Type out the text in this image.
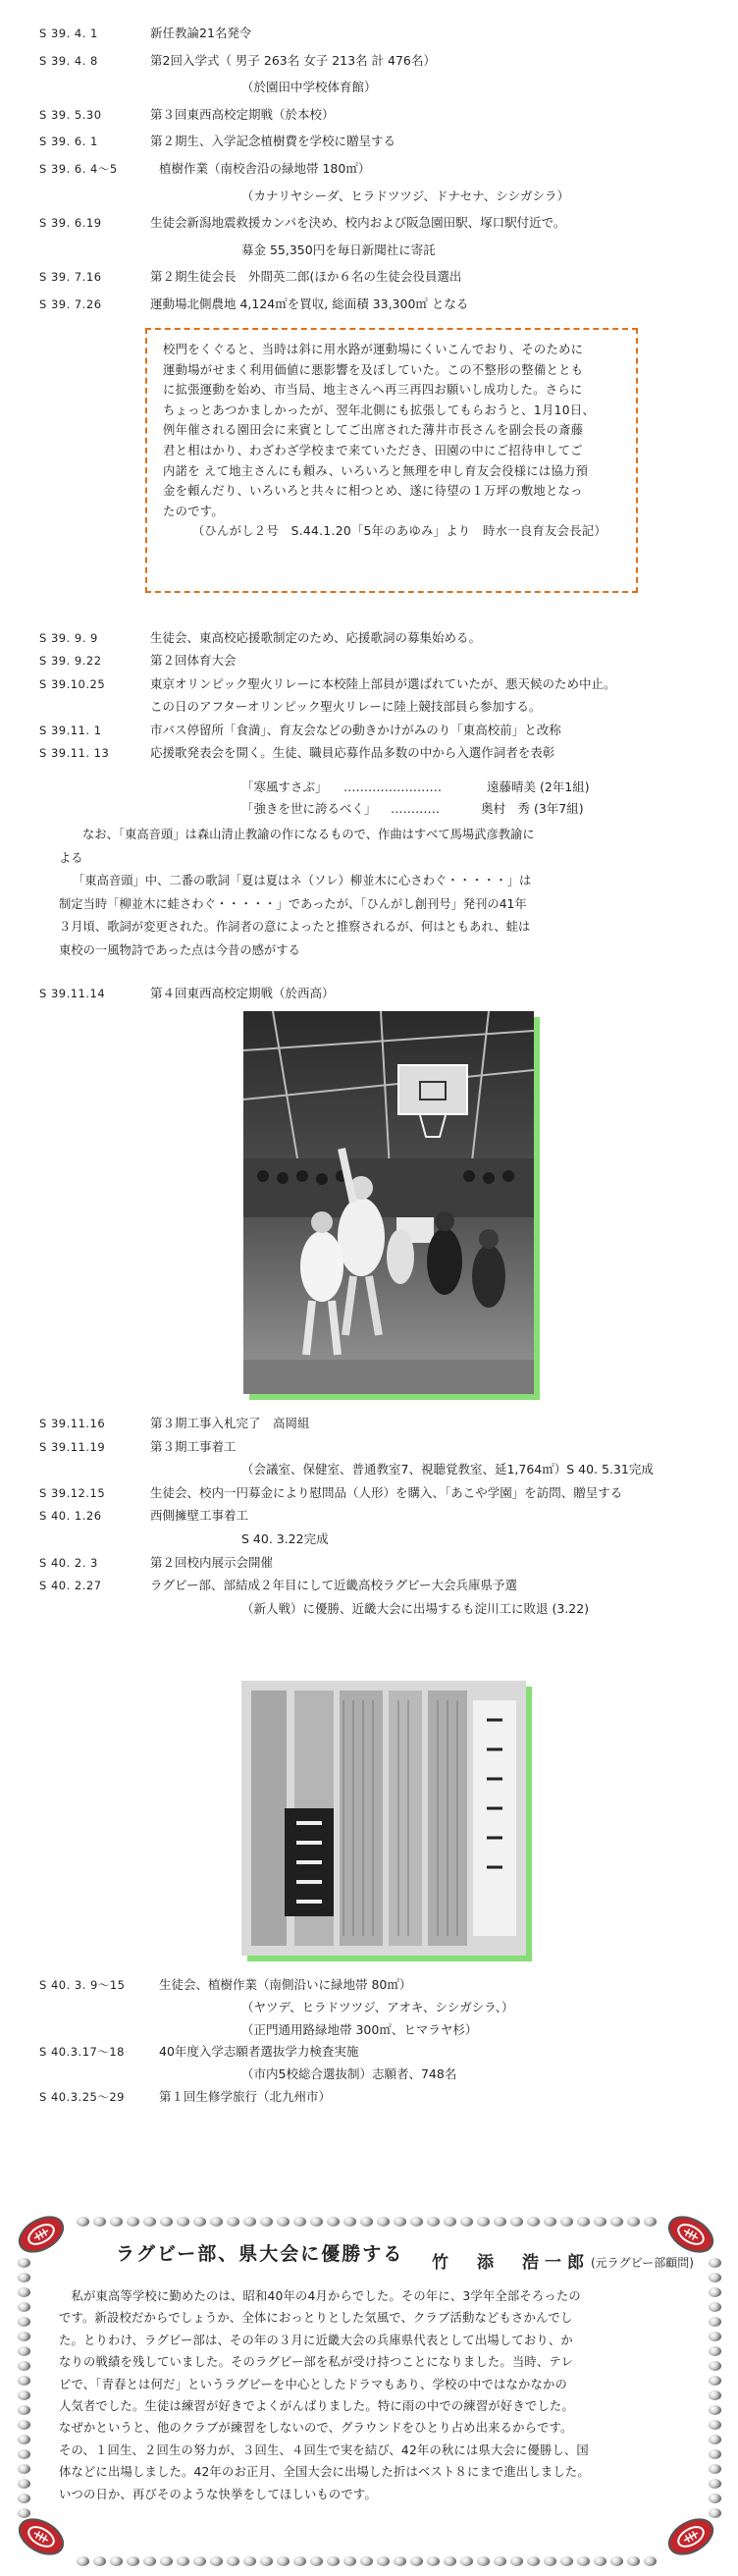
S 39. 4. 1	新任教論21名発令
S 39. 4. 8	第2回入学式（ 男子 263名 女子 213名 計 476名）
（於園田中学校体育館）
S 39. 5.30	第３回東西高校定期戦（於本校）
S 39. 6. 1	第２期生、入学記念植樹費を学校に贈呈する
S 39. 6. 4〜5	植樹作業（南校舎沿の緑地帯 180㎡）
（カナリヤシーダ、ヒラドツツジ、ドナセナ、シシガシラ）
S 39. 6.19	生徒会新潟地震救援カンパを決め、校内および阪急園田駅、塚口駅付近で。
募金 55,350円を毎日新聞社に寄託
S 39. 7.16	第２期生徒会長　外間英二郎(ほか６名の生徒会役員選出
S 39. 7.26	運動場北側農地 4,124㎡を買収, 総面積 33,300㎡ となる
校門をくぐると、当時は斜に用水路が運動場にくいこんでおり、そのために
運動場がせまく利用価値に悪影響を及ぼしていた。この不整形の整備ととも
に拡張運動を始め、市当局、地主さんへ再三再四お願いし成功した。さらに
ちょっとあつかましかったが、翌年北側にも拡張してもらおうと、1月10日、
例年催される園田会に来賓としてご出席された薄井市長さんを副会長の斎藤
君と相はかり、わざわざ学校まで来ていただき、田園の中にご招待申してご
内諾を えて地主さんにも頼み、いろいろと無理を申し育友会役様には協力預
金を頼んだり、いろいろと共々に相つとめ、遂に待望の１万坪の敷地となっ
たのです。
（ひんがし２号　S.44.1.20「5年のあゆみ」より　時水一良育友会長記）
S 39. 9. 9	生徒会、東高校応援歌制定のため、応援歌詞の募集始める。
S 39. 9.22	第２回体育大会
S 39.10.25	東京オリンピック聖火リレーに本校陸上部員が選ばれていたが、悪天候のため中止。
この日のアフターオリンピック聖火リレーに陸上競技部員ら参加する。
S 39.11. 1	市バス停留所「食満」、育友会などの動きかけがみのり「東高校前」と改称
S 39.11. 13	応援歌発表会を開く。生徒、職員応募作品多数の中から入選作詞者を表彰
「寒風すさぶ」 ……………………	遠藤晴美 (2年1組)
「強きを世に誇るべく」 …………	奥村　秀 (3年7組)
なお、「東高音頭」は森山清止教諭の作になるもので、作曲はすべて馬場武彦教諭に
よる
「東高音頭」中、二番の歌詞「夏は夏はネ（ソレ）柳並木に心さわぐ・・・・・」は
制定当時「柳並木に蛙さわぐ・・・・・」であったが、「ひんがし創刊号」発刊の41年
３月頃、歌詞が変更された。作詞者の意によったと推察されるが、何はともあれ、蛙は
東校の一風物詩であった点は今昔の感がする
S 39.11.14	第４回東西高校定期戦（於西高）
S 39.11.16	第３期工事入札完了　高岡組
S 39.11.19	第３期工事着工
（会議室、保健室、普通教室7、視聴覚教室、延1,764㎡）S 40. 5.31完成
S 39.12.15	生徒会、校内一円募金により慰問品（人形）を購入、「あこや学園」を訪問、贈呈する
S 40. 1.26	西側擁壁工事着工
S 40. 3.22完成
S 40. 2. 3	第２回校内展示会開催
S 40. 2.27	ラグビー部、部結成２年目にして近畿高校ラグビー大会兵庫県予選
（新人戦）に優勝、近畿大会に出場するも淀川工に敗退 (3.22)
S 40. 3. 9〜15	生徒会、植樹作業（南側沿いに緑地帯 80㎡）
（ヤツデ、ヒラドツツジ、アオキ、シシガシラ、）
（正門通用路緑地帯 300㎡、ヒマラヤ杉）
S 40.3.17〜18	40年度入学志願者選抜学力検査実施
（市内5校総合選抜制）志願者、748名
S 40.3.25〜29	第１回生修学旅行（北九州市）
ラグビー部、県大会に優勝する 竹　添　浩一郎 (元ラグビー部顧問)
　私が東高等学校に勤めたのは、昭和40年の4月からでした。その年に、3学年全部そろったの
です。新設校だからでしょうか、全体におっとりとした気風で、クラブ活動などもさかんでし
た。とりわけ、ラグビー部は、その年の３月に近畿大会の兵庫県代表として出場しており、か
なりの戦績を残していました。そのラグビー部を私が受け持つことになりました。当時、テレ
ビで、「青春とは何だ」というラグビーを中心としたドラマもあり、学校の中ではなかなかの
人気者でした。生徒は練習が好きでよくがんばりました。特に雨の中での練習が好きでした。
なぜかというと、他のクラブが練習をしないので、グラウンドをひとり占め出来るからです。
その、１回生、２回生の努力が、３回生、４回生で実を結び、42年の秋には県大会に優勝し、国
体などに出場しました。42年のお正月、全国大会に出場した折はベスト８にまで進出しました。
いつの日か、再びそのような快挙をしてほしいものです。
